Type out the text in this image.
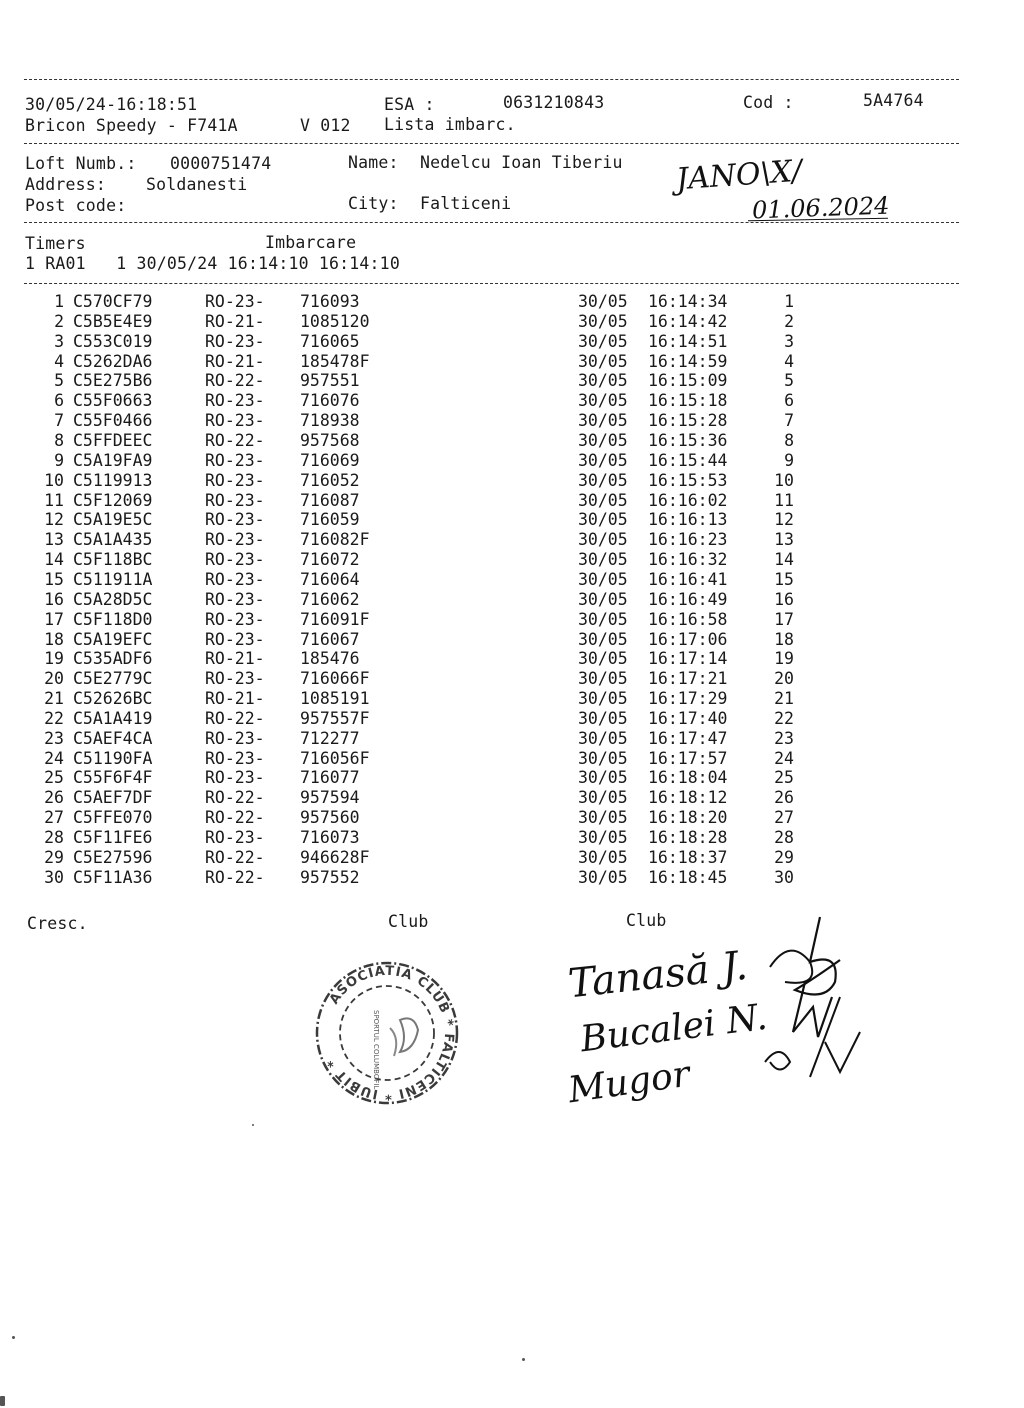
30/05/24-16:18:51	ESA :	0631210843	Cod :	5A4764
Bricon Speedy - F741A	V 012 Lista imbarc.
Loft Numb.: 0000751474	Name: Nedelcu Ioan Tiberiu
Address: Soldanesti
Post code:	City: Falticeni
JANO\X/
01.06.2024
Timers	Imbarcare
1 RA01   1 30/05/24 16:14:10 16:14:10
1 C570CF79	RO-23- 716093	30/05 16:14:34	1
2 C5B5E4E9	RO-21- 1085120	30/05 16:14:42	2
3 C553C019	RO-23- 716065	30/05 16:14:51	3
4 C5262DA6	RO-21- 185478F	30/05 16:14:59	4
5 C5E275B6	RO-22- 957551	30/05 16:15:09	5
6 C55F0663	RO-23- 716076	30/05 16:15:18	6
7 C55F0466	RO-23- 718938	30/05 16:15:28	7
8 C5FFDEEC	RO-22- 957568	30/05 16:15:36	8
9 C5A19FA9	RO-23- 716069	30/05 16:15:44	9
10 C5119913	RO-23- 716052	30/05 16:15:53	10
11 C5F12069	RO-23- 716087	30/05 16:16:02	11
12 C5A19E5C	RO-23- 716059	30/05 16:16:13	12
13 C5A1A435	RO-23- 716082F	30/05 16:16:23	13
14 C5F118BC	RO-23- 716072	30/05 16:16:32	14
15 C511911A	RO-23- 716064	30/05 16:16:41	15
16 C5A28D5C	RO-23- 716062	30/05 16:16:49	16
17 C5F118D0	RO-23- 716091F	30/05 16:16:58	17
18 C5A19EFC	RO-23- 716067	30/05 16:17:06	18
19 C535ADF6	RO-21- 185476	30/05 16:17:14	19
20 C5E2779C	RO-23- 716066F	30/05 16:17:21	20
21 C52626BC	RO-21- 1085191	30/05 16:17:29	21
22 C5A1A419	RO-22- 957557F	30/05 16:17:40	22
23 C5AEF4CA	RO-23- 712277	30/05 16:17:47	23
24 C51190FA	RO-23- 716056F	30/05 16:17:57	24
25 C55F6F4F	RO-23- 716077	30/05 16:18:04	25
26 C5AEF7DF	RO-22- 957594	30/05 16:18:12	26
27 C5FFE070	RO-22- 957560	30/05 16:18:20	27
28 C5F11FE6	RO-23- 716073	30/05 16:18:28	28
29 C5E27596	RO-22- 946628F	30/05 16:18:37	29
30 C5F11A36	RO-22- 957552	30/05 16:18:45	30
Cresc.	Club	Club
ASOCIATIA CLUB * FALTICENI * IUBIT *	SPORTUL COLUMBOFIL
Tanasă J.
Bucalei N.
Mugor
